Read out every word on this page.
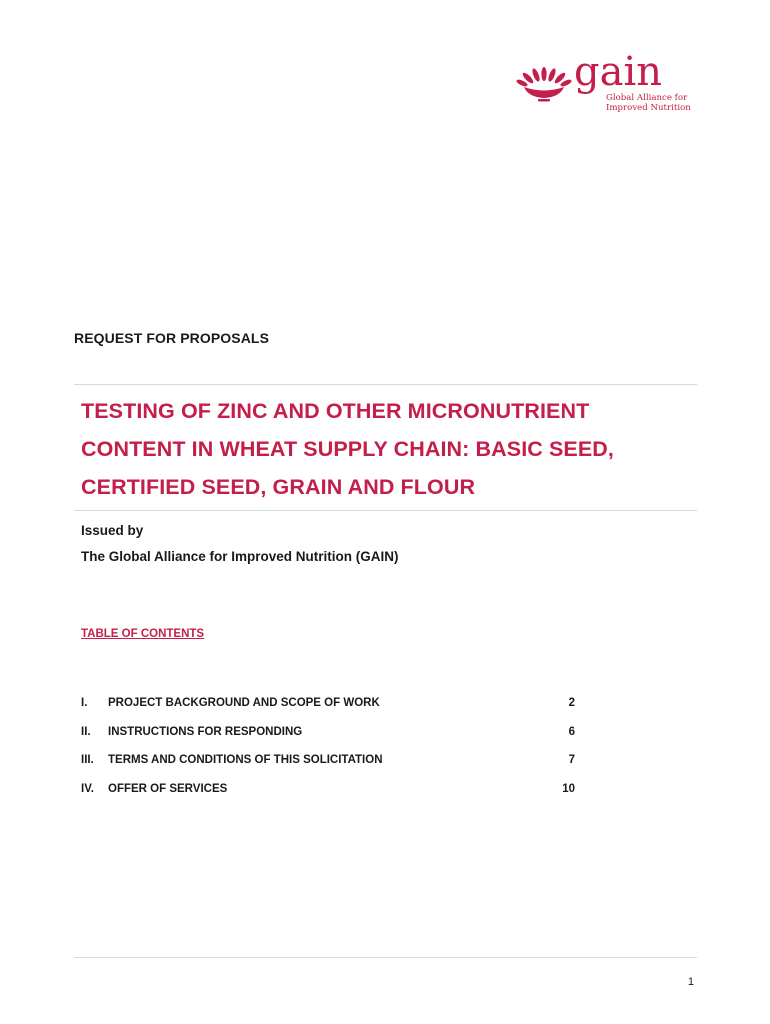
gain
Global Alliance for
Improved Nutrition
REQUEST FOR PROPOSALS
TESTING OF ZINC AND OTHER MICRONUTRIENT CONTENT IN WHEAT SUPPLY CHAIN: BASIC SEED, CERTIFIED SEED, GRAIN AND FLOUR
Issued by
The Global Alliance for Improved Nutrition (GAIN)
TABLE OF CONTENTS
I. PROJECT BACKGROUND AND SCOPE OF WORK	2
II. INSTRUCTIONS FOR RESPONDING	6
III. TERMS AND CONDITIONS OF THIS SOLICITATION	7
IV. OFFER OF SERVICES	10
1
